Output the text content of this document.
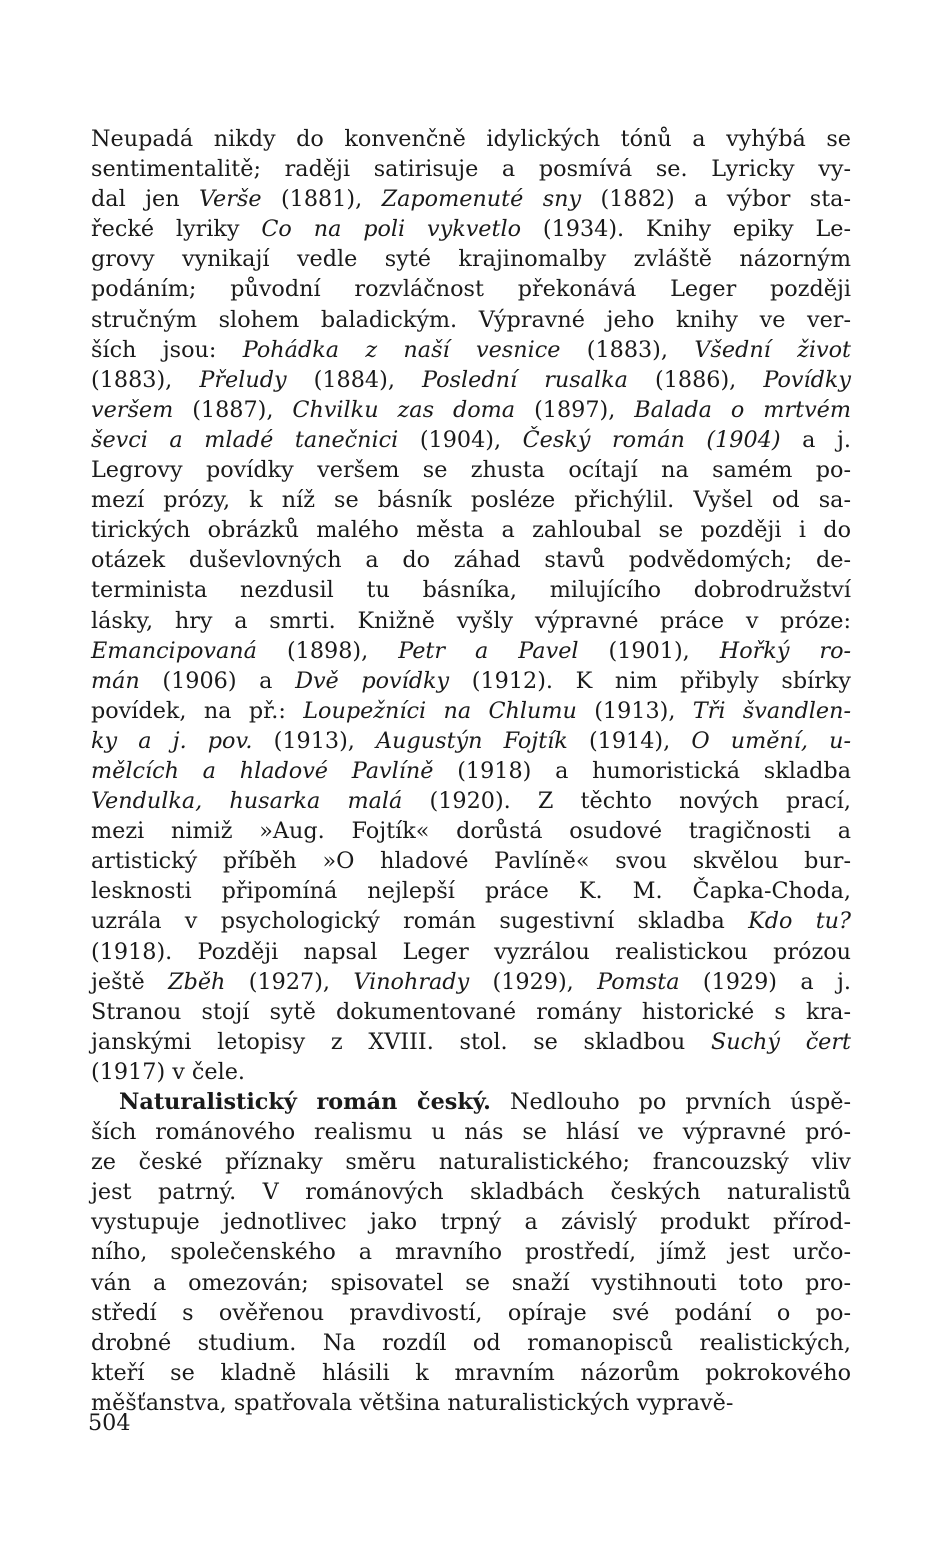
Neupadá nikdy do konvenčně idylických tónů a vyhýbá se
sentimentalitě; raději satirisuje a posmívá se. Lyricky vy-
dal jen Verše (1881), Zapomenuté sny (1882) a výbor sta-
řecké lyriky Co na poli vykvetlo (1934). Knihy epiky Le-
grovy vynikají vedle syté krajinomalby zvláště názorným
podáním; původní rozvláčnost překonává Leger později
stručným slohem baladickým. Výpravné jeho knihy ve ver-
ších jsou: Pohádka z naší vesnice (1883), Všední život
(1883), Přeludy (1884), Poslední rusalka (1886), Povídky
veršem (1887), Chvilku zas doma (1897), Balada o mrtvém
ševci a mladé tanečnici (1904), Český román (1904) a j.
Legrovy povídky veršem se zhusta ocítají na samém po-
mezí prózy, k níž se básník posléze přichýlil. Vyšel od sa-
tirických obrázků malého města a zahloubal se později i do
otázek duševlovných a do záhad stavů podvědomých; de-
terminista nezdusil tu básníka, milujícího dobrodružství
lásky, hry a smrti. Knižně vyšly výpravné práce v próze:
Emancipovaná (1898), Petr a Pavel (1901), Hořký ro-
mán (1906) a Dvě povídky (1912). K nim přibyly sbírky
povídek, na př.: Loupežníci na Chlumu (1913), Tři švandlen-
ky a j. pov. (1913), Augustýn Fojtík (1914), O umění, u-
mělcích a hladové Pavlíně (1918) a humoristická skladba
Vendulka, husarka malá (1920). Z těchto nových prací,
mezi nimiž »Aug. Fojtík« dorůstá osudové tragičnosti a
artistický příběh »O hladové Pavlíně« svou skvělou bur-
lesknosti připomíná nejlepší práce K. M. Čapka-Choda,
uzrála v psychologický román sugestivní skladba Kdo tu?
(1918). Později napsal Leger vyzrálou realistickou prózou
ještě Zběh (1927), Vinohrady (1929), Pomsta (1929) a j.
Stranou stojí sytě dokumentované romány historické s kra-
janskými letopisy z XVIII. stol. se skladbou Suchý čert
(1917) v čele.
Naturalistický román český. Nedlouho po prvních úspě-
ších románového realismu u nás se hlásí ve výpravné pró-
ze české příznaky směru naturalistického; francouzský vliv
jest patrný. V románových skladbách českých naturalistů
vystupuje jednotlivec jako trpný a závislý produkt přírod-
ního, společenského a mravního prostředí, jímž jest určo-
ván a omezován; spisovatel se snaží vystihnouti toto pro-
středí s ověřenou pravdivostí, opíraje své podání o po-
drobné studium. Na rozdíl od romanopisců realistických,
kteří se kladně hlásili k mravním názorům pokrokového
měšťanstva, spatřovala většina naturalistických vypravě-
504
